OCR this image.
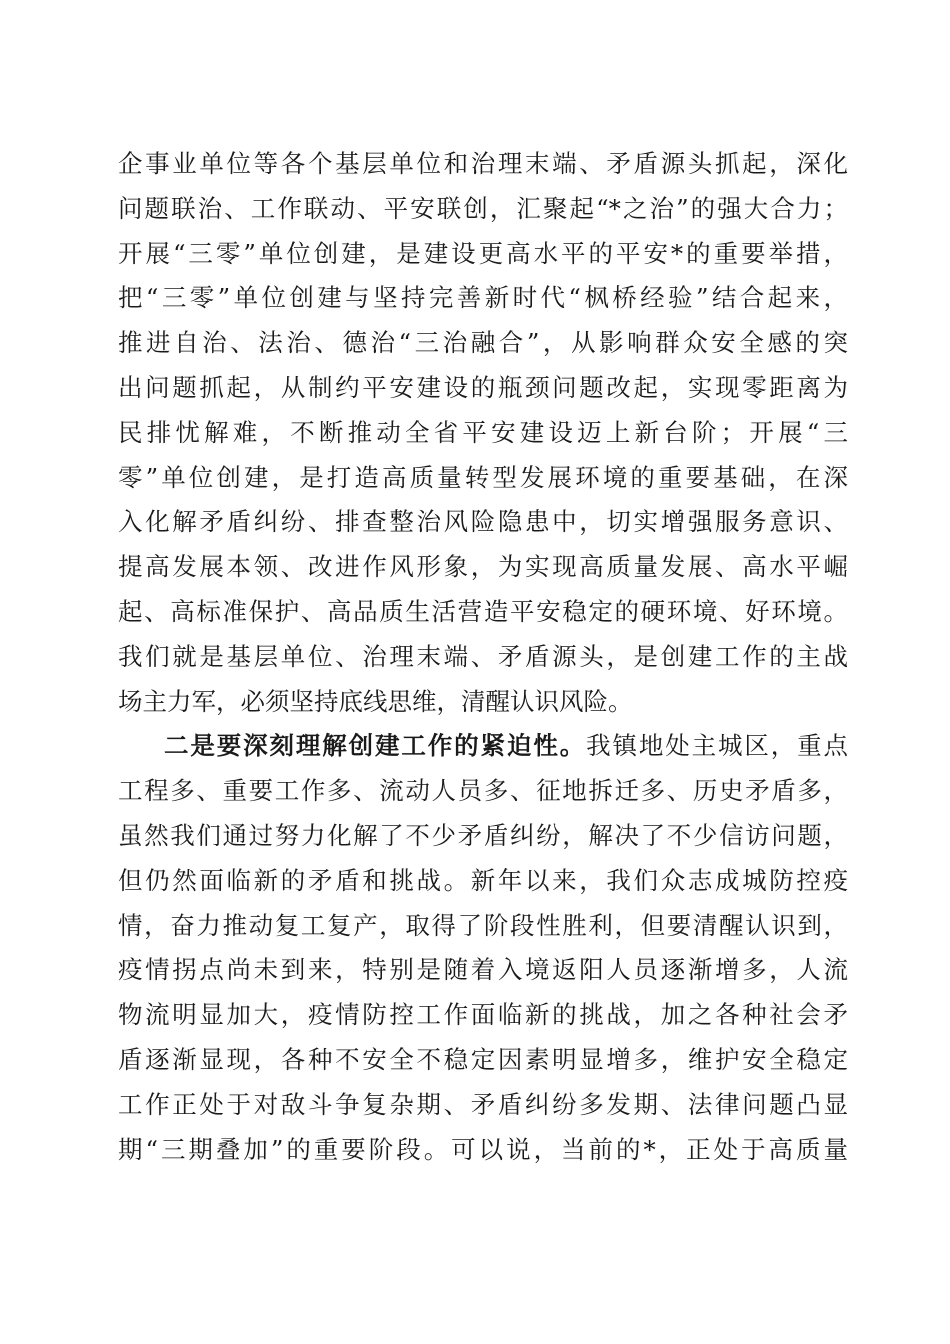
企事业单位等各个基层单位和治理末端、矛盾源头抓起，深化
问题联治、工作联动、平安联创，汇聚起“*之治”的强大合力；
开展“三零”单位创建，是建设更高水平的平安*的重要举措，
把“三零”单位创建与坚持完善新时代“枫桥经验”结合起来，
推进自治、法治、德治“三治融合”，从影响群众安全感的突
出问题抓起，从制约平安建设的瓶颈问题改起，实现零距离为
民排忧解难，不断推动全省平安建设迈上新台阶；开展“三
零”单位创建，是打造高质量转型发展环境的重要基础，在深
入化解矛盾纠纷、排查整治风险隐患中，切实增强服务意识、
提高发展本领、改进作风形象，为实现高质量发展、高水平崛
起、高标准保护、高品质生活营造平安稳定的硬环境、好环境。
我们就是基层单位、治理末端、矛盾源头，是创建工作的主战
场主力军，必须坚持底线思维，清醒认识风险。
二是要深刻理解创建工作的紧迫性。我镇地处主城区，重点
工程多、重要工作多、流动人员多、征地拆迁多、历史矛盾多，
虽然我们通过努力化解了不少矛盾纠纷，解决了不少信访问题，
但仍然面临新的矛盾和挑战。新年以来，我们众志成城防控疫
情，奋力推动复工复产，取得了阶段性胜利，但要清醒认识到，
疫情拐点尚未到来，特别是随着入境返阳人员逐渐增多，人流
物流明显加大，疫情防控工作面临新的挑战，加之各种社会矛
盾逐渐显现，各种不安全不稳定因素明显增多，维护安全稳定
工作正处于对敌斗争复杂期、矛盾纠纷多发期、法律问题凸显
期“三期叠加”的重要阶段。可以说，当前的*，正处于高质量
